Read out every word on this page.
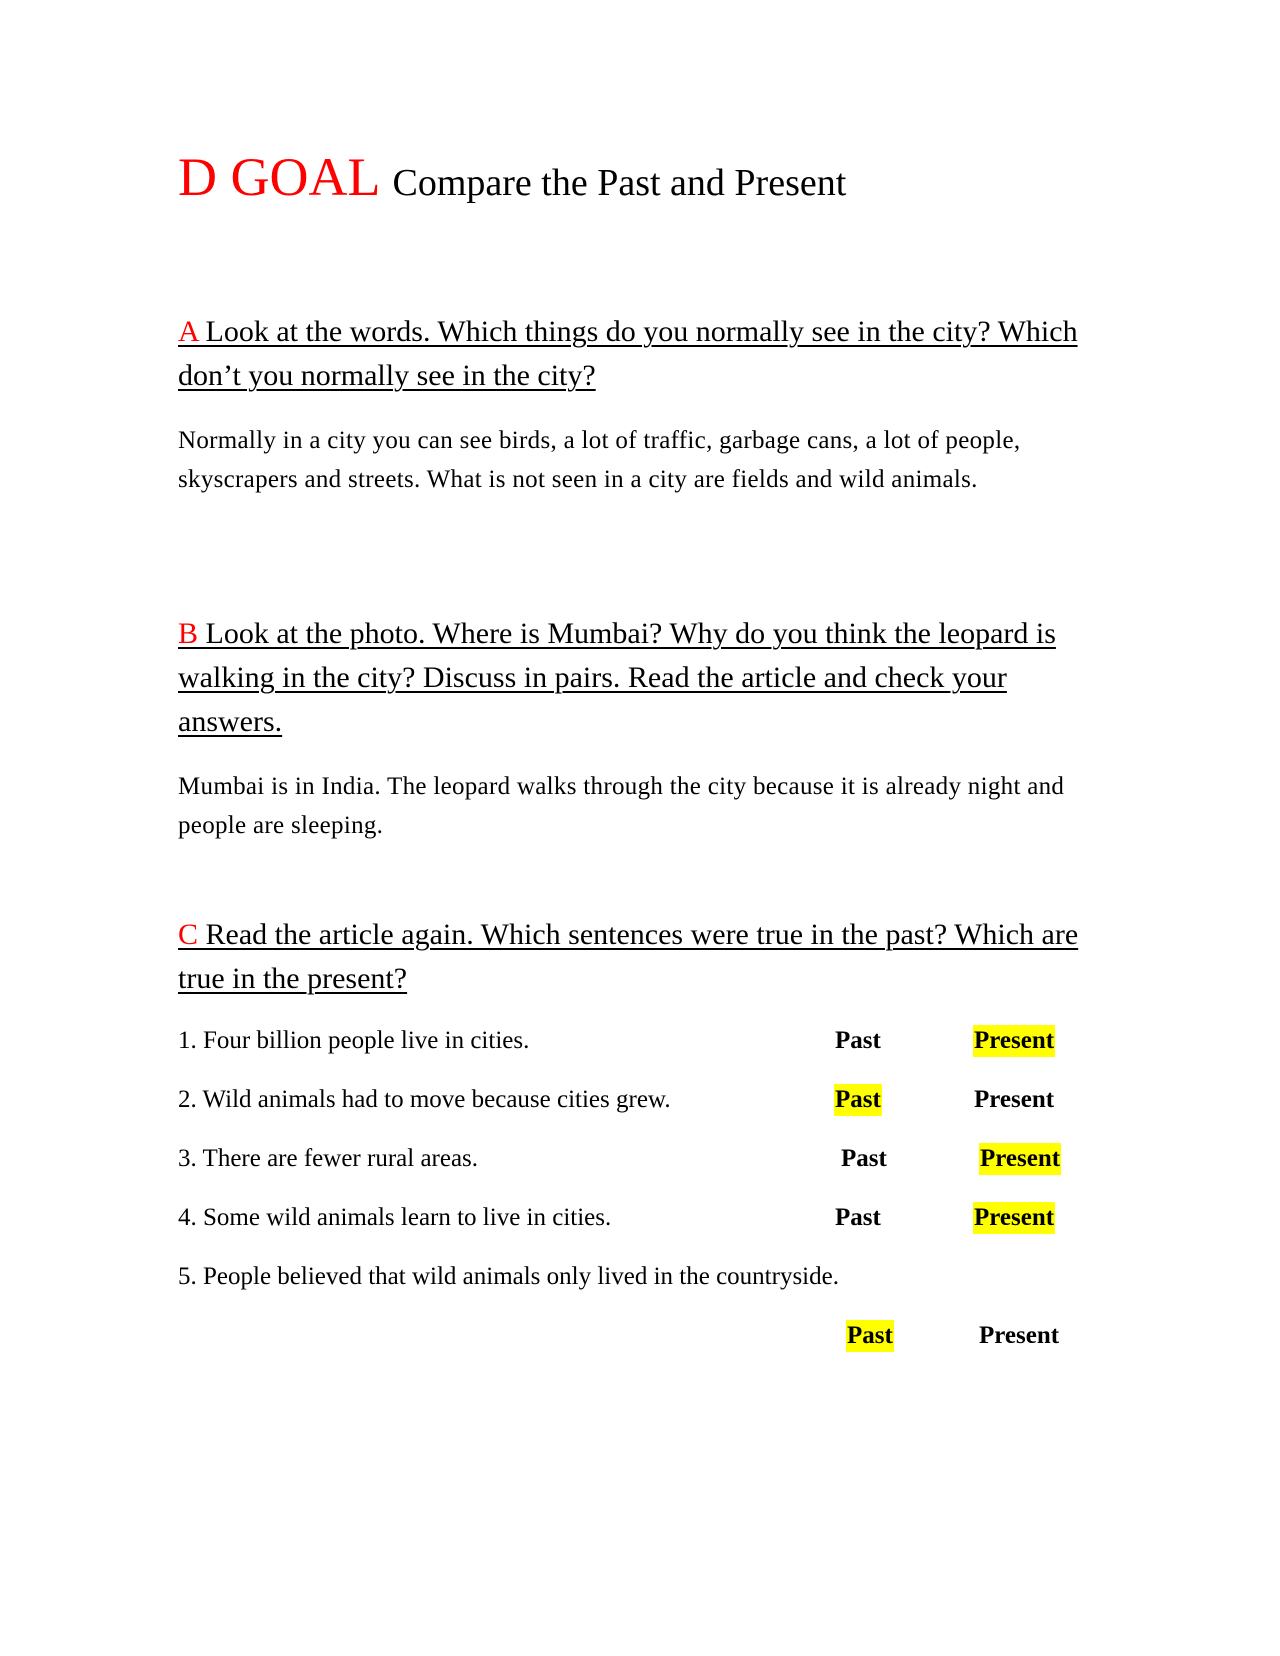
D GOAL Compare the Past and Present
A Look at the words. Which things do you normally see in the city? Which don’t you normally see in the city?
Normally in a city you can see birds, a lot of traffic, garbage cans, a lot of people, skyscrapers and streets. What is not seen in a city are fields and wild animals.
B Look at the photo. Where is Mumbai? Why do you think the leopard is walking in the city? Discuss in pairs. Read the article and check your answers.
Mumbai is in India. The leopard walks through the city because it is already night and people are sleeping.
C Read the article again. Which sentences were true in the past? Which are true in the present?
1. Four billion people live in cities.	Past	Present
2. Wild animals had to move because cities grew.	Past	Present
3. There are fewer rural areas.	Past	Present
4. Some wild animals learn to live in cities.	Past	Present
5. People believed that wild animals only lived in the countryside.
Past	Present
